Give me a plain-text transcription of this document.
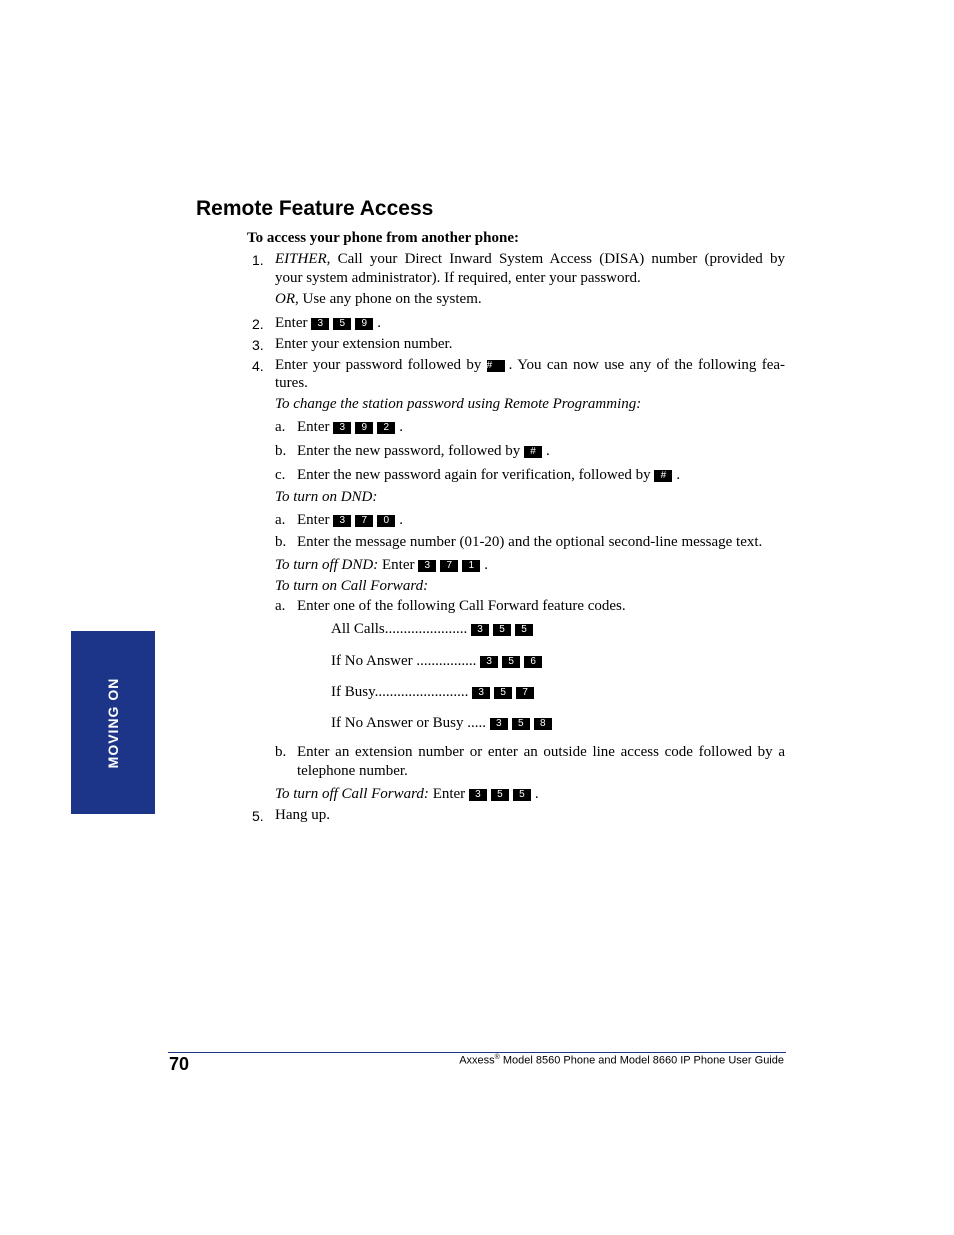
Remote Feature Access
To access your phone from another phone:
1. EITHER, Call your Direct Inward System Access (DISA) number (provided by
your system administrator). If required, enter your password.
OR, Use any phone on the system.
2. Enter 3 5 9 .
3. Enter your extension number.
4. Enter your password followed by # . You can now use any of the following fea-
tures.
To change the station password using Remote Programming:
a. Enter 3 9 2 .
b. Enter the new password, followed by # .
c. Enter the new password again for verification, followed by # .
To turn on DND:
a. Enter 3 7 0 .
b. Enter the message number (01-20) and the optional second-line message text.
To turn off DND: Enter 3 7 1 .
To turn on Call Forward:
a. Enter one of the following Call Forward feature codes.
All Calls...................... 3 5 5
If No Answer ................ 3 5 6
If Busy......................... 3 5 7
If No Answer or Busy ..... 3 5 8
b. Enter an extension number or enter an outside line access code followed by a
telephone number.
To turn off Call Forward: Enter 3 5 5 .
5. Hang up.
MOVING ON
70	Axxess® Model 8560 Phone and Model 8660 IP Phone User Guide
